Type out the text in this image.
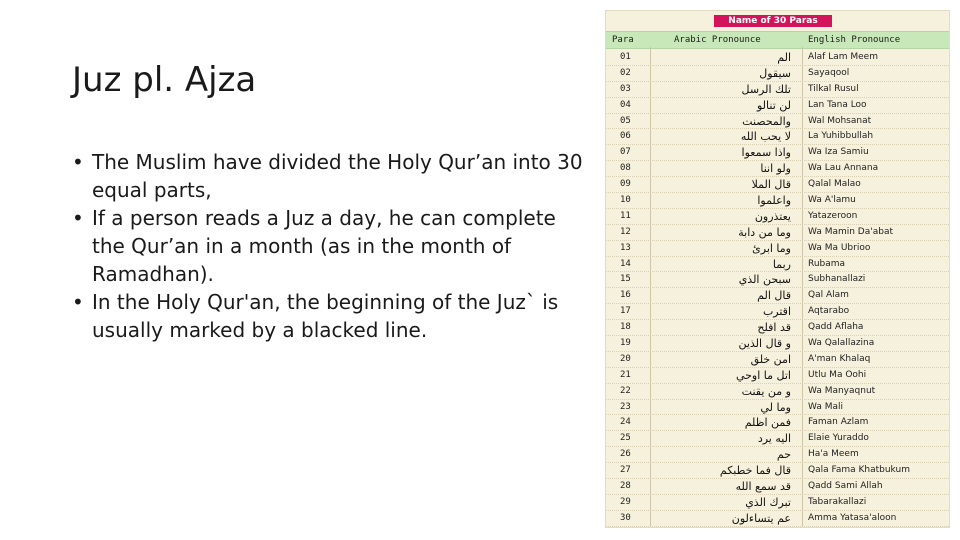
Juz pl. Ajza
• The Muslim have divided the Holy Qur’an into 30 equal parts,
• If a person reads a Juz a day, he can complete the Qur’an in a month (as in the month of Ramadhan).
• In the Holy Qur'an, the beginning of the Juz` is usually marked by a blacked line.
Name of 30 Paras
Para	Arabic Pronounce	English Pronounce
01	الم Alaf Lam Meem
02	سيقول Sayaqool
03	تلك الرسل Tilkal Rusul
04	لن تنالو Lan Tana Loo
05	والمحصنت Wal Mohsanat
06	لا يحب الله La Yuhibbullah
07	واذا سمعوا Wa Iza Samiu
08	ولو اننا Wa Lau Annana
09	قال الملا Qalal Malao
10	واعلموا Wa A'lamu
11	يعتذرون Yatazeroon
12	وما من دابة Wa Mamin Da'abat
13	وما ابرئ Wa Ma Ubrioo
14	ربما Rubama
15	سبحن الذي Subhanallazi
16	قال الم Qal Alam
17	اقترب Aqtarabo
18	قد افلح Qadd Aflaha
19	و قال الذين Wa Qalallazina
20	امن خلق A'man Khalaq
21	اتل ما اوحي Utlu Ma Oohi
22	و من يقنت Wa Manyaqnut
23	وما لي Wa Mali
24	فمن اظلم Faman Azlam
25	اليه يرد Elaie Yuraddo
26	حم Ha'a Meem
27	قال فما خطبكم Qala Fama Khatbukum
28	قد سمع الله Qadd Sami Allah
29	تبرك الذي Tabarakallazi
30	عم يتساءلون Amma Yatasa'aloon
